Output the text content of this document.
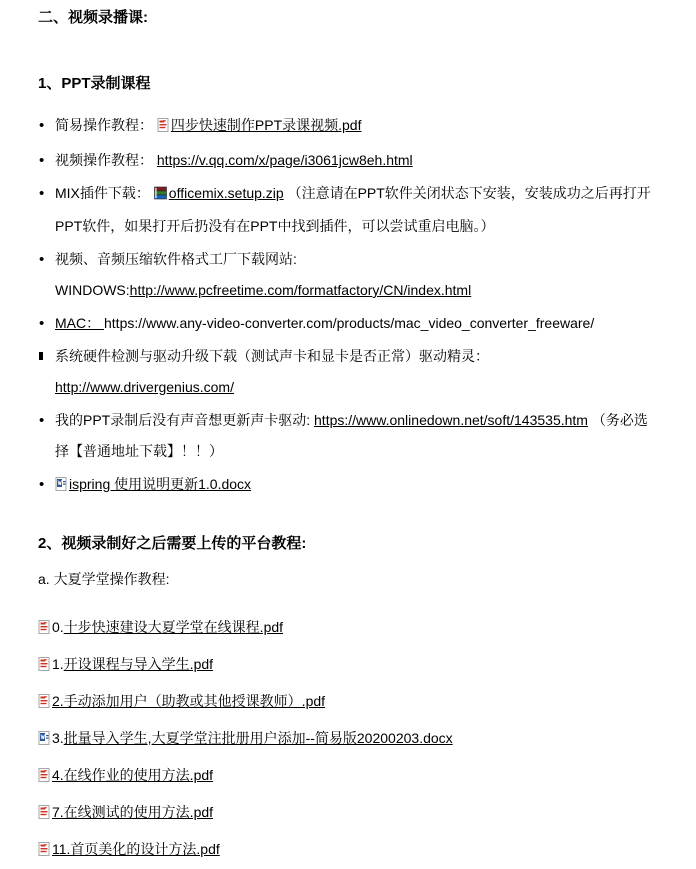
二、视频录播课:
1、PPT录制课程
•
简易操作教程： 四步快速制作PPT录课视频.pdf
•
视频操作教程： https://v.qq.com/x/page/i3061jcw8eh.html
•
MIX插件下载： officemix.setup.zip （注意请在PPT软件关闭状态下安装，安装成功之后再打开PPT软件，如果打开后扔没有在PPT中找到插件，可以尝试重启电脑。）
•
视频、音频压缩软件格式工厂下载网站:
WINDOWS:http://www.pcfreetime.com/formatfactory/CN/index.html
•
MAC： https://www.any-video-converter.com/products/mac_video_converter_freeware/
系统硬件检测与驱动升级下载（测试声卡和显卡是否正常）驱动精灵： http://www.drivergenius.com/
•
我的PPT录制后没有声音想更新声卡驱动: https://www.onlinedown.net/soft/143535.htm （务必选择【普通地址下载】！！）
•
ispring 使用说明更新1.0.docx
2、视频录制好之后需要上传的平台教程:
a. 大夏学堂操作教程:
0.十步快速建设大夏学堂在线课程.pdf
1.开设课程与导入学生.pdf
2.手动添加用户（助教或其他授课教师）.pdf
3.批量导入学生,大夏学堂注批册用户添加--简易版20200203.docx
4.在线作业的使用方法.pdf
7.在线测试的使用方法.pdf
11.首页美化的设计方法.pdf
